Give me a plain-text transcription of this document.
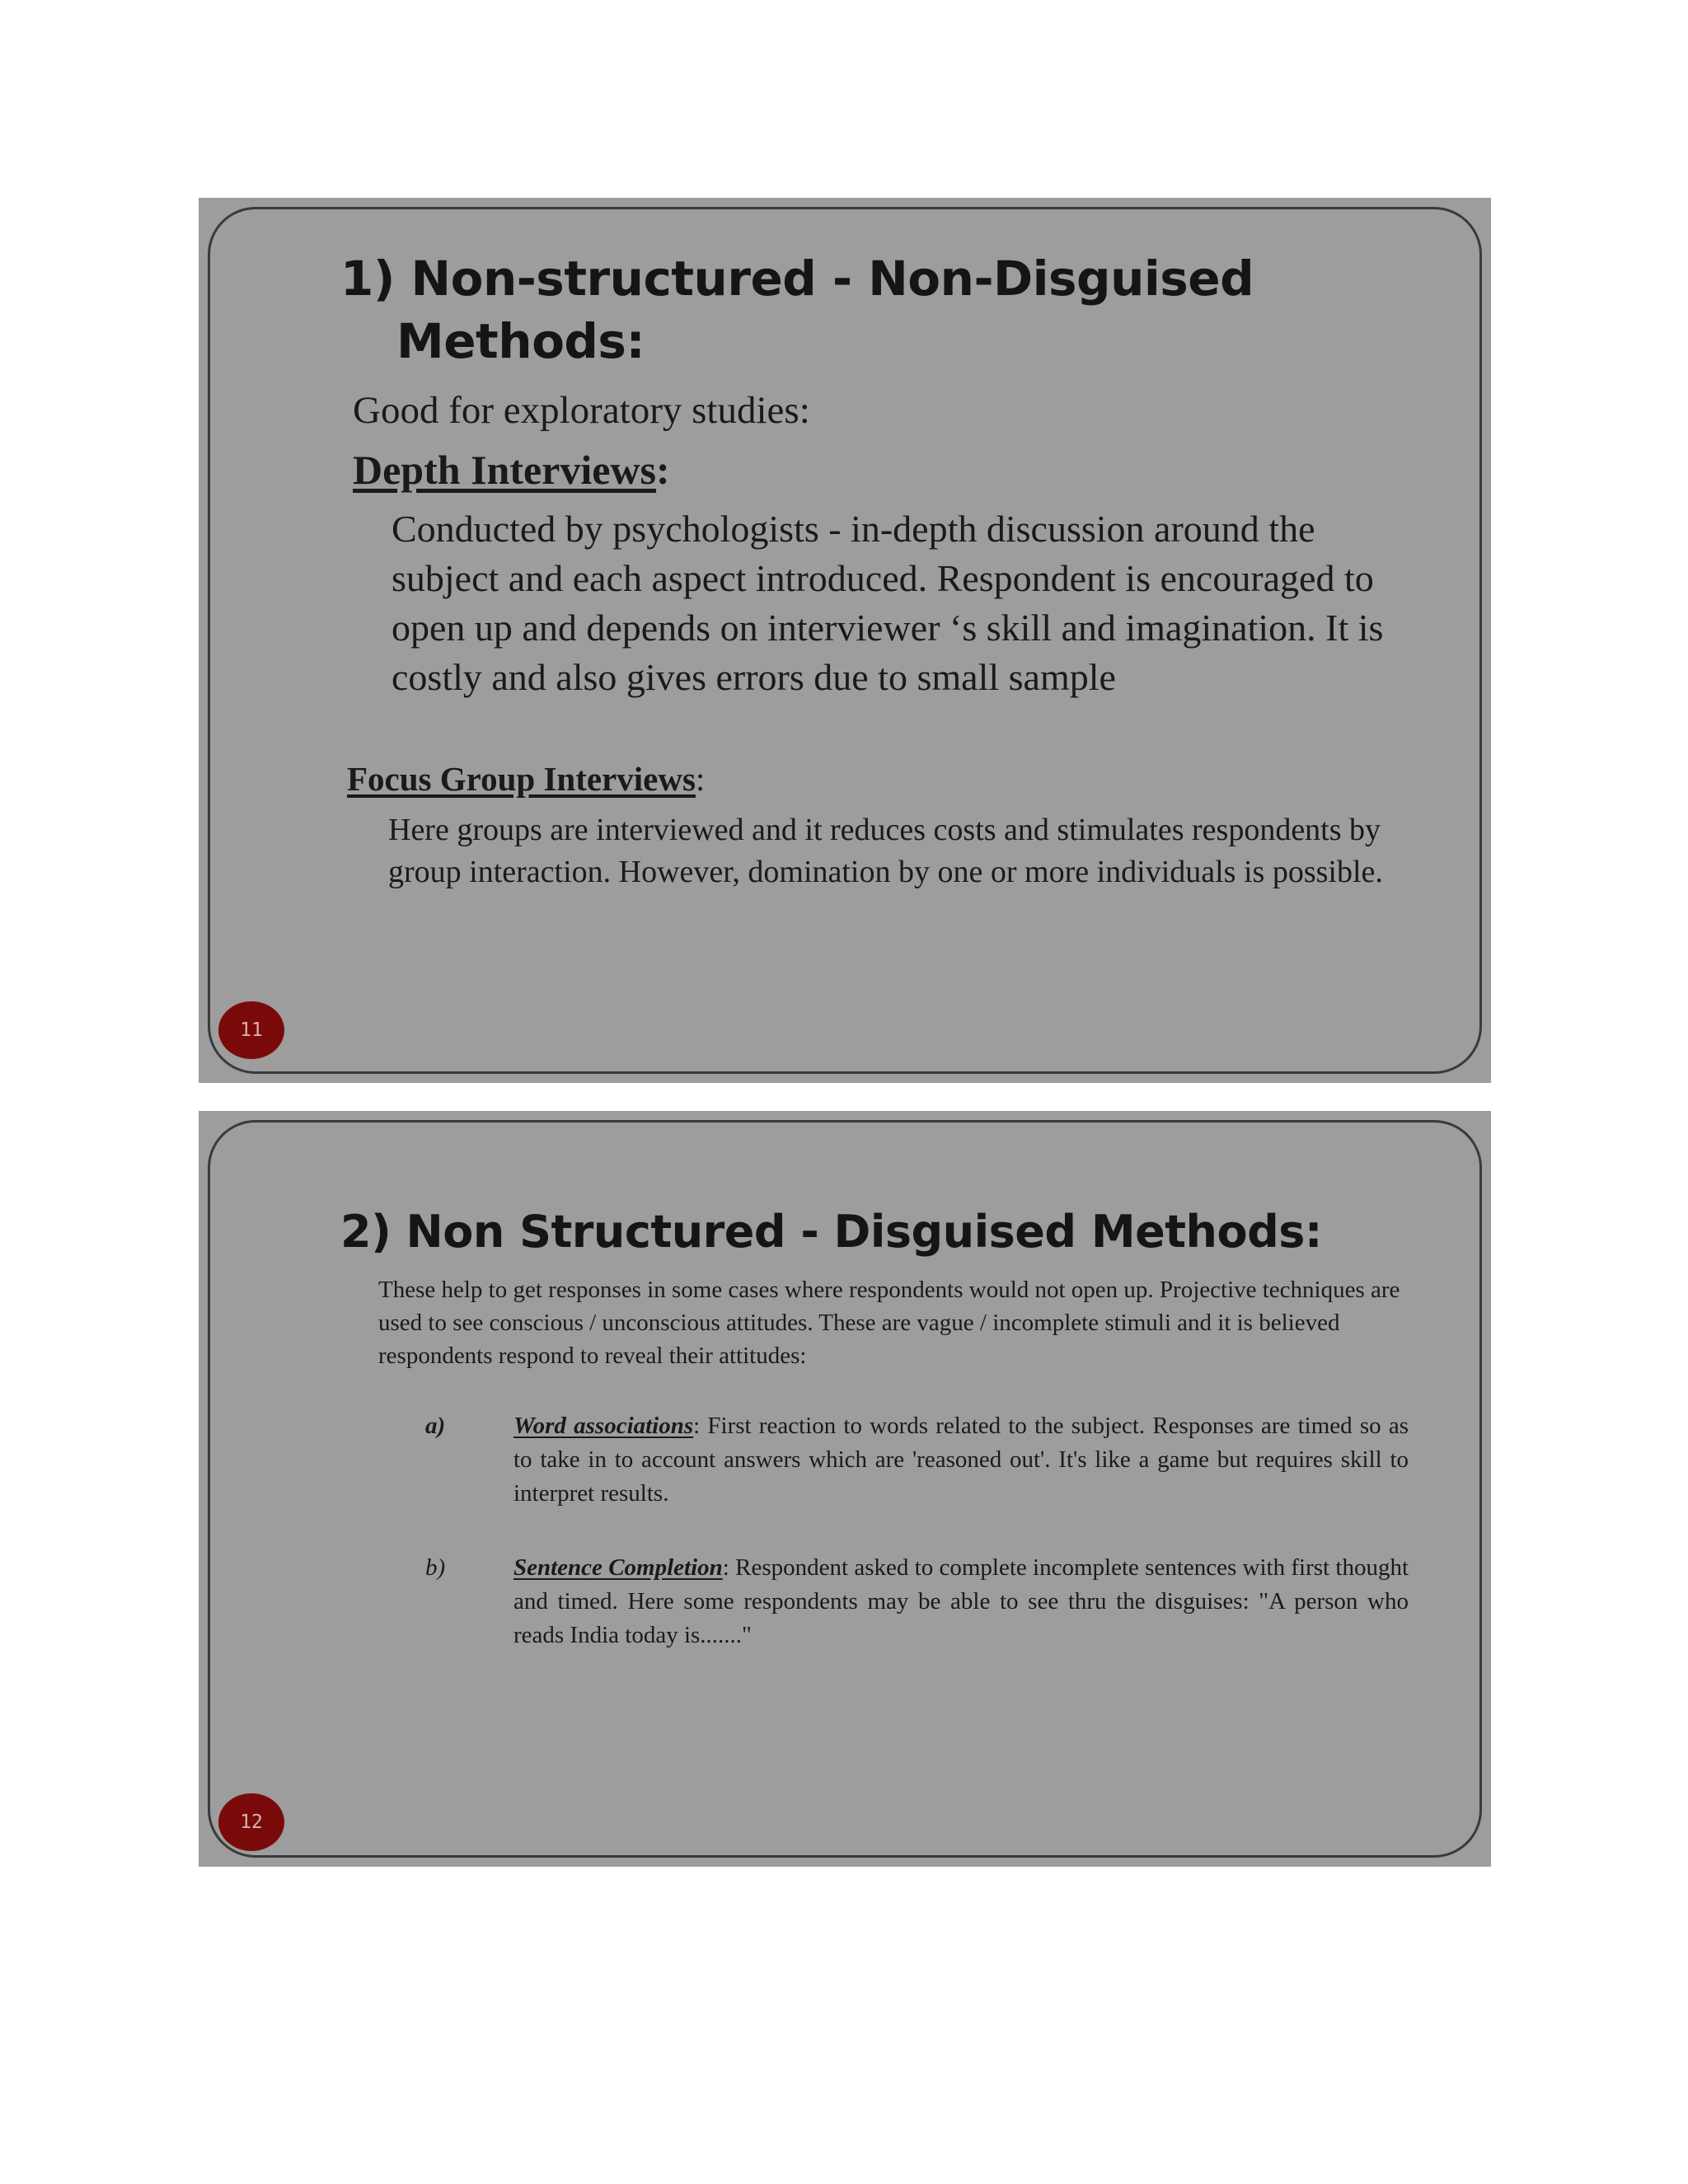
1) Non-structured - Non-Disguised
Methods:

Good for exploratory studies:

Depth Interviews:

Conducted by psychologists - in-depth discussion around the subject and each aspect introduced. Respondent is encouraged to open up and depends on interviewer ‘s skill and imagination. It is costly and also gives errors due to small sample

Focus Group Interviews:

Here groups are interviewed and it reduces costs and stimulates respondents by group interaction. However, domination by one or more individuals is possible.

11
2) Non Structured - Disguised Methods:

These help to get responses in some cases where respondents would not open up. Projective techniques are used to see conscious / unconscious attitudes. These are vague / incomplete stimuli and it is believed respondents respond to reveal their attitudes:

a)	Word associations: First reaction to words related to the subject. Responses are timed so as to take in to account answers which are 'reasoned out'. It's like a game but requires skill to interpret results.

b)	Sentence Completion: Respondent asked to complete incomplete sentences with first thought and timed. Here some respondents may be able to see thru the disguises: "A person who reads India today is......."

12
